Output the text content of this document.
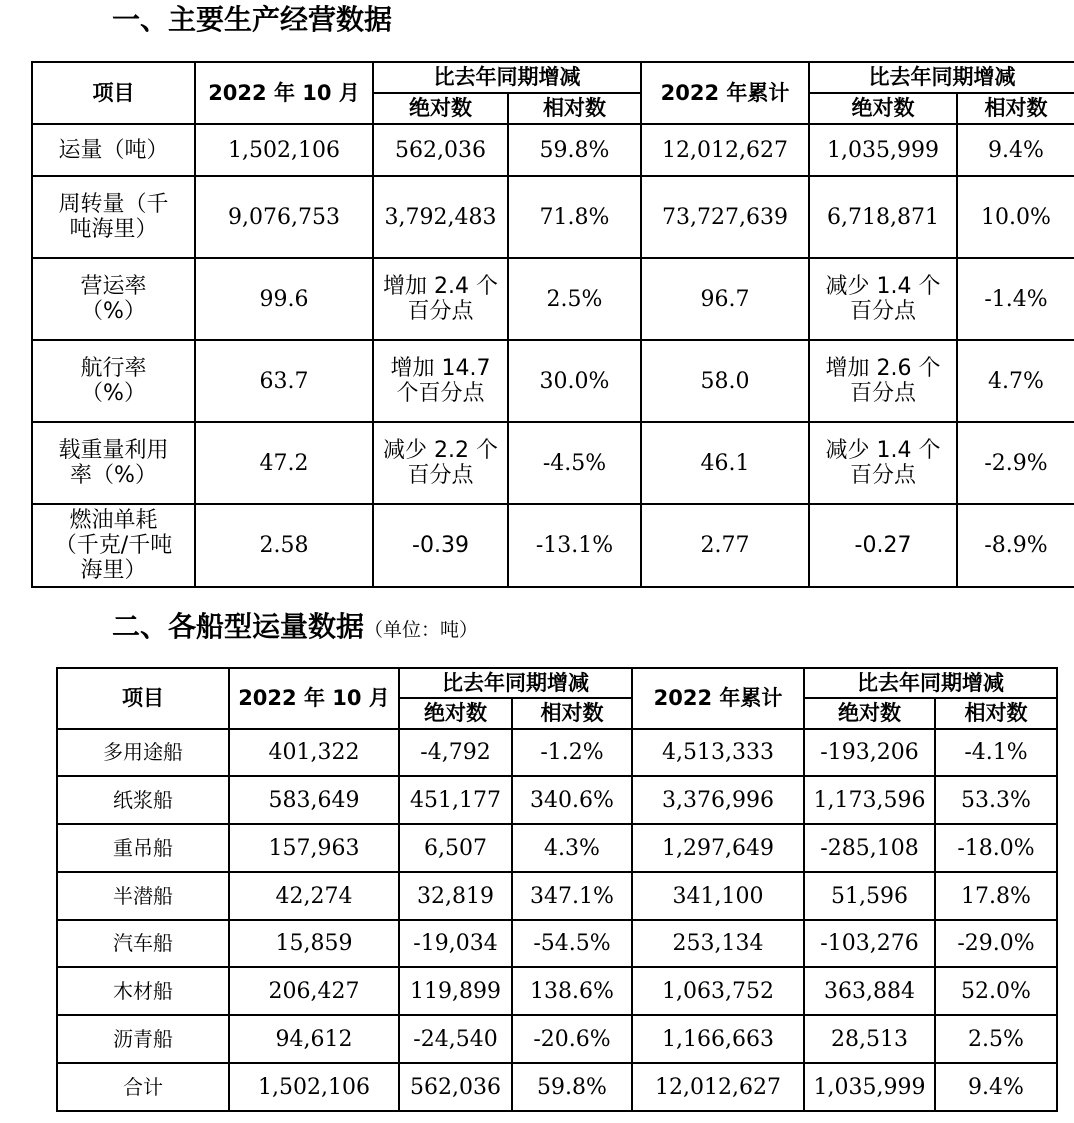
一、主要生产经营数据
项目	2022 年 10 月	比去年同期增减		2022 年累计	比去年同期增减	
		绝对数	相对数		绝对数	相对数

运量（吨）	1,502,106	562,036	59.8%	12,012,627	1,035,999	9.4%

周转量（千
吨海里）	9,076,753	3,792,483	71.8%	73,727,639	6,718,871	10.0%

营运率
（%）	99.6	增加 2.4 个
百分点	2.5%	96.7	减少 1.4 个
百分点	-1.4%

航行率
（%）	63.7	增加 14.7
个百分点	30.0%	58.0	增加 2.6 个
百分点	4.7%

载重量利用
率（%）	47.2	减少 2.2 个
百分点	-4.5%	46.1	减少 1.4 个
百分点	-2.9%

燃油单耗
（千克/千吨
海里）	2.58	-0.39	-13.1%	2.77	-0.27	-8.9%
二、各船型运量数据（单位：吨）
项目	2022 年 10 月	比去年同期增减		2022 年累计	比去年同期增减	
		绝对数	相对数		绝对数	相对数
多用途船	401,322	-4,792	-1.2%	4,513,333	-193,206	-4.1%
纸浆船	583,649	451,177	340.6%	3,376,996	1,173,596	53.3%
重吊船	157,963	6,507	4.3%	1,297,649	-285,108	-18.0%
半潜船	42,274	32,819	347.1%	341,100	51,596	17.8%
汽车船	15,859	-19,034	-54.5%	253,134	-103,276	-29.0%
木材船	206,427	119,899	138.6%	1,063,752	363,884	52.0%
沥青船	94,612	-24,540	-20.6%	1,166,663	28,513	2.5%
合计	1,502,106	562,036	59.8%	12,012,627	1,035,999	9.4%
